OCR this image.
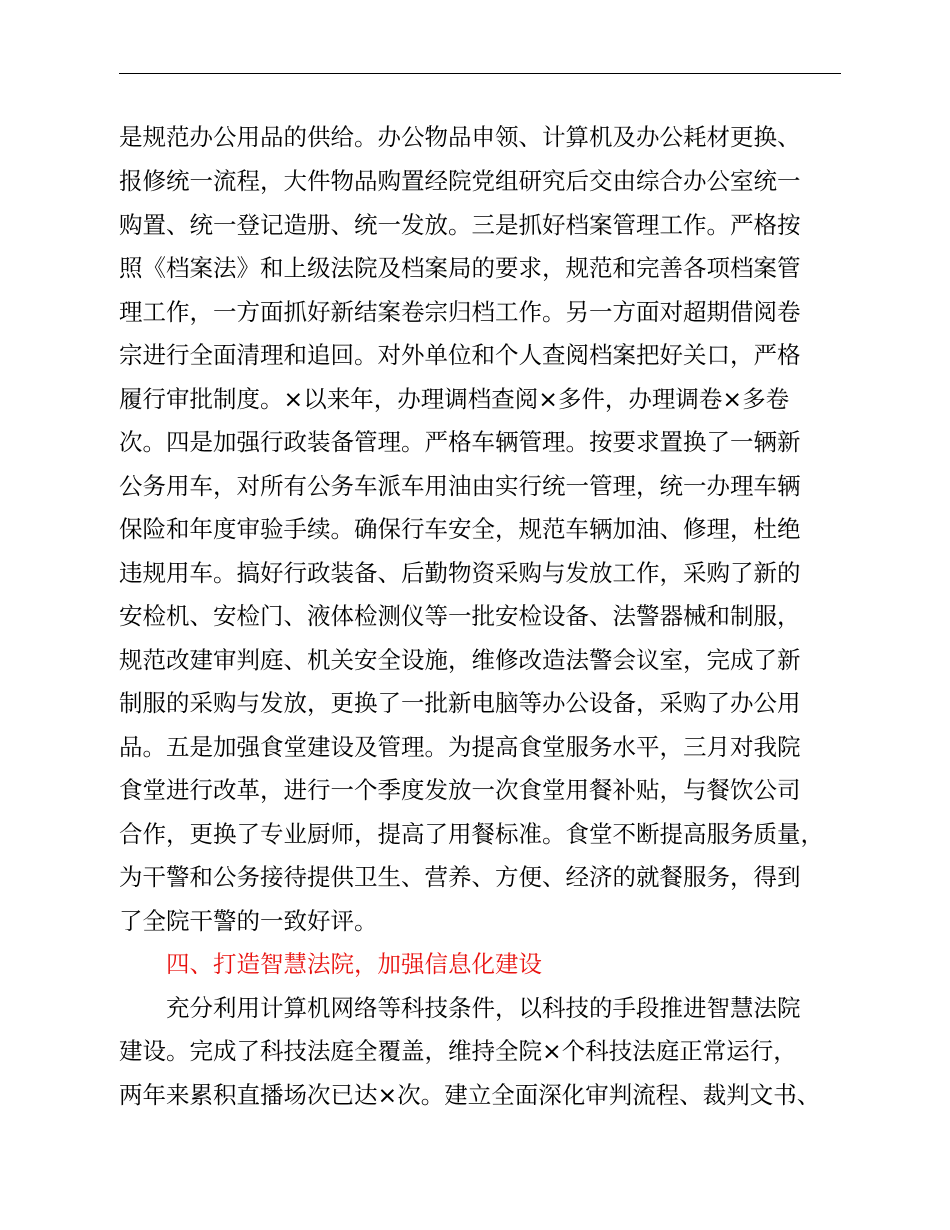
是规范办公用品的供给。办公物品申领、计算机及办公耗材更换、
报修统一流程，大件物品购置经院党组研究后交由综合办公室统一
购置、统一登记造册、统一发放。三是抓好档案管理工作。严格按
照《档案法》和上级法院及档案局的要求，规范和完善各项档案管
理工作，一方面抓好新结案卷宗归档工作。另一方面对超期借阅卷
宗进行全面清理和追回。对外单位和个人查阅档案把好关口，严格
履行审批制度。×以来年，办理调档查阅×多件，办理调卷×多卷
次。四是加强行政装备管理。严格车辆管理。按要求置换了一辆新
公务用车，对所有公务车派车用油由实行统一管理，统一办理车辆
保险和年度审验手续。确保行车安全，规范车辆加油、修理，杜绝
违规用车。搞好行政装备、后勤物资采购与发放工作，采购了新的
安检机、安检门、液体检测仪等一批安检设备、法警器械和制服，
规范改建审判庭、机关安全设施，维修改造法警会议室，完成了新
制服的采购与发放，更换了一批新电脑等办公设备，采购了办公用
品。五是加强食堂建设及管理。为提高食堂服务水平，三月对我院
食堂进行改革，进行一个季度发放一次食堂用餐补贴，与餐饮公司
合作，更换了专业厨师，提高了用餐标准。食堂不断提高服务质量，
为干警和公务接待提供卫生、营养、方便、经济的就餐服务，得到
了全院干警的一致好评。
四、打造智慧法院，加强信息化建设
充分利用计算机网络等科技条件，以科技的手段推进智慧法院
建设。完成了科技法庭全覆盖，维持全院×个科技法庭正常运行，
两年来累积直播场次已达×次。建立全面深化审判流程、裁判文书、
